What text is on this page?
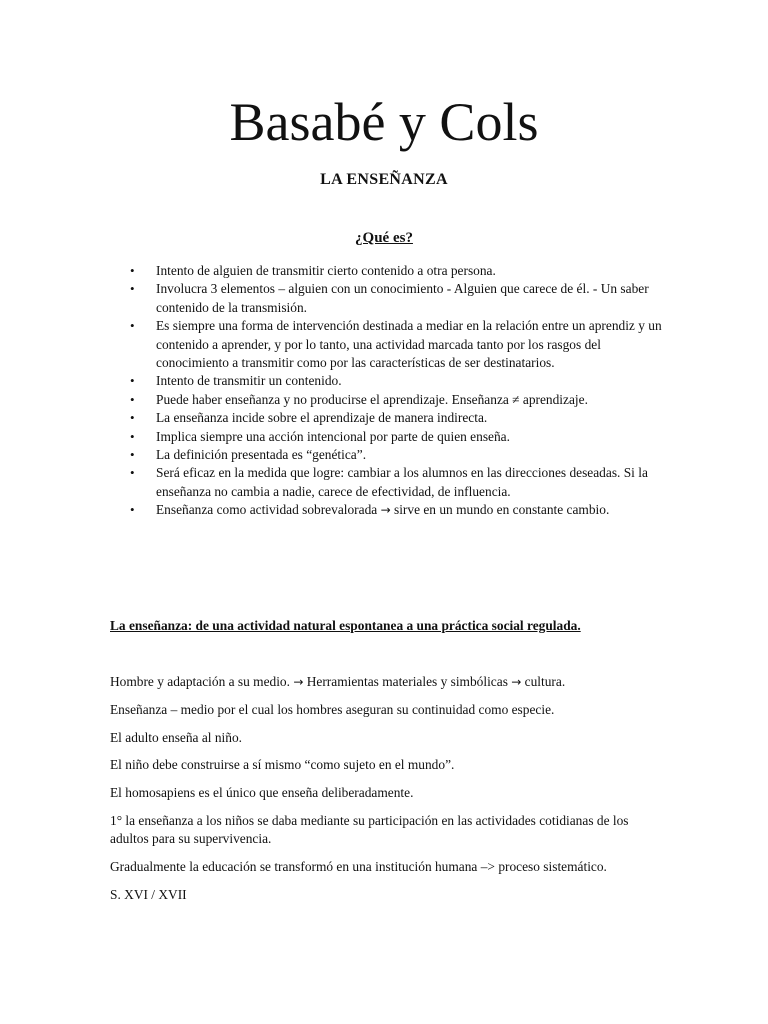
Basabé y Cols
LA ENSEÑANZA
¿Qué es?
• Intento de alguien de transmitir cierto contenido a otra persona.
• Involucra 3 elementos – alguien con un conocimiento - Alguien que carece de él. - Un saber contenido de la transmisión.
• Es siempre una forma de intervención destinada a mediar en la relación entre un aprendiz y un contenido a aprender, y por lo tanto, una actividad marcada tanto por los rasgos del conocimiento a transmitir como por las características de ser destinatarios.
• Intento de transmitir un contenido.
• Puede haber enseñanza y no producirse el aprendizaje. Enseñanza ≠ aprendizaje.
• La enseñanza incide sobre el aprendizaje de manera indirecta.
• Implica siempre una acción intencional por parte de quien enseña.
• La definición presentada es “genética”.
• Será eficaz en la medida que logre: cambiar a los alumnos en las direcciones deseadas. Si la enseñanza no cambia a nadie, carece de efectividad, de influencia.
• Enseñanza como actividad sobrevalorada → sirve en un mundo en constante cambio.
La enseñanza: de una actividad natural espontanea a una práctica social regulada.

Hombre y adaptación a su medio. → Herramientas materiales y simbólicas → cultura.

Enseñanza – medio por el cual los hombres aseguran su continuidad como especie.

El adulto enseña al niño.

El niño debe construirse a sí mismo “como sujeto en el mundo”.

El homosapiens es el único que enseña deliberadamente.

1° la enseñanza a los niños se daba mediante su participación en las actividades cotidianas de los adultos para su supervivencia.

Gradualmente la educación se transformó en una institución humana –> proceso sistemático.

S. XVI / XVII
